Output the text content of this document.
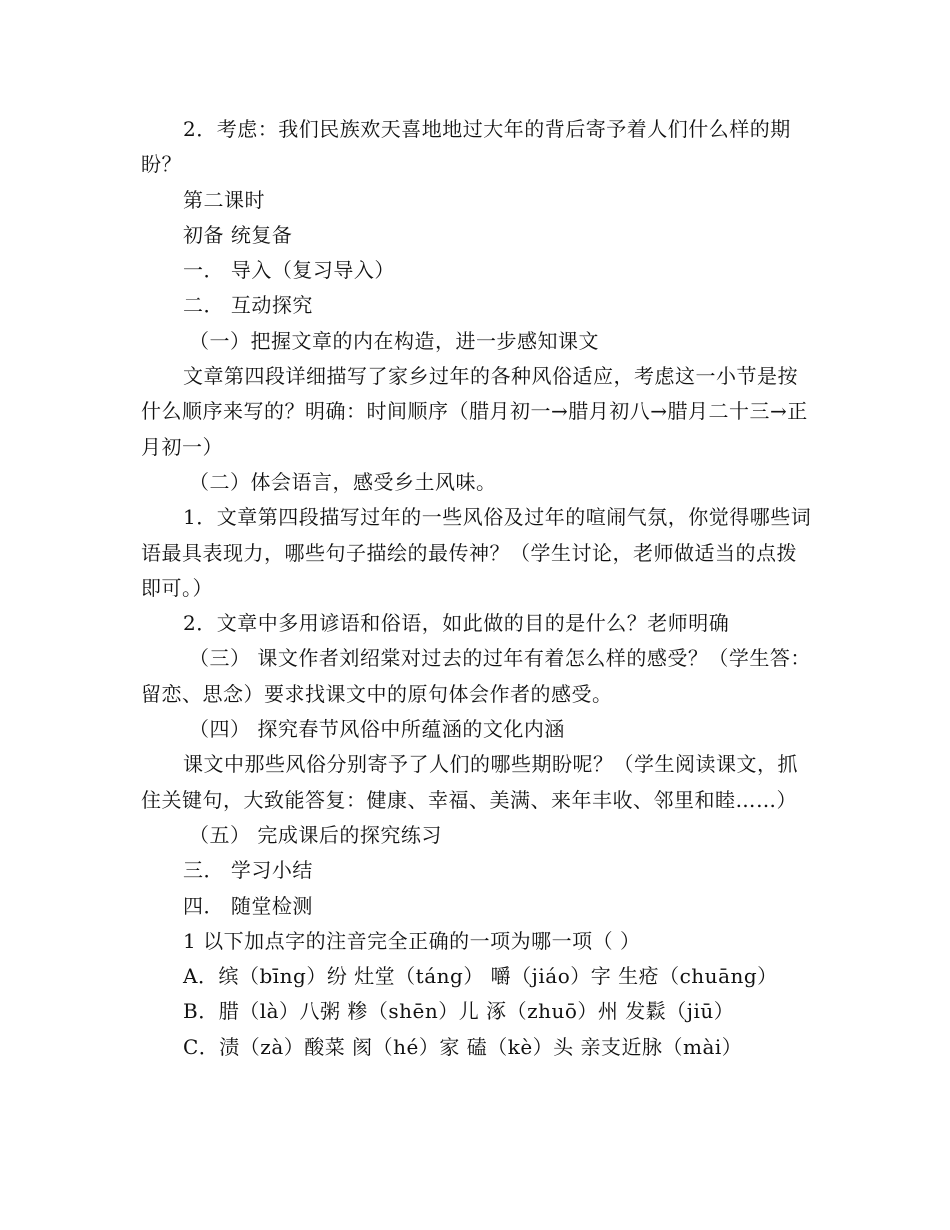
2．考虑：我们民族欢天喜地地过大年的背后寄予着人们什么样的期盼？

第二课时

初备 统复备

一． 导入（复习导入）

二． 互动探究

（一）把握文章的内在构造，进一步感知课文

文章第四段详细描写了家乡过年的各种风俗适应，考虑这一小节是按什么顺序来写的？明确：时间顺序（腊月初一→腊月初八→腊月二十三→正月初一）

（二）体会语言，感受乡土风味。

1．文章第四段描写过年的一些风俗及过年的喧闹气氛，你觉得哪些词语最具表现力，哪些句子描绘的最传神？（学生讨论，老师做适当的点拨即可。）

2．文章中多用谚语和俗语，如此做的目的是什么？老师明确

（三） 课文作者刘绍棠对过去的过年有着怎么样的感受？（学生答：留恋、思念）要求找课文中的原句体会作者的感受。

（四） 探究春节风俗中所蕴涵的文化内涵

课文中那些风俗分别寄予了人们的哪些期盼呢？（学生阅读课文，抓住关键句，大致能答复：健康、幸福、美满、来年丰收、邻里和睦……）

（五） 完成课后的探究练习

三． 学习小结

四． 随堂检测

1 以下加点字的注音完全正确的一项为哪一项（ ）

A．缤（bīng）纷 灶堂（táng） 嚼（jiáo）字 生疮（chuāng）

B．腊（là）八粥 糁（shēn）儿 涿（zhuō）州 发鬏（jiū）

C．渍（zà）酸菜 阂（hé）家 磕（kè）头 亲支近脉（mài）
